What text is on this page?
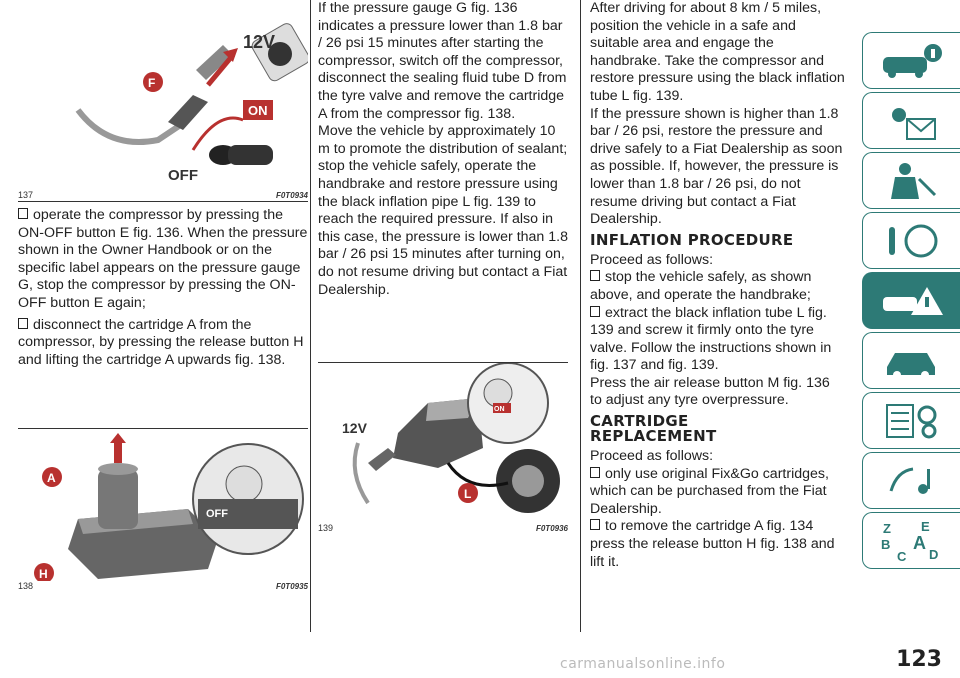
12V
F
ON
OFF
137	F0T0934

operate the compressor by pressing the ON-OFF button E fig. 136. When the pressure shown in the Owner Handbook or on the specific label appears on the pressure gauge G, stop the compressor by pressing the ON-OFF button E again;

disconnect the cartridge A from the compressor, by pressing the release button H and lifting the cartridge A upwards fig. 138.

A
H
OFF
138	F0T0935

If the pressure gauge G fig. 136 indicates a pressure lower than 1.8 bar / 26 psi 15 minutes after starting the compressor, switch off the compressor, disconnect the sealing fluid tube D from the tyre valve and remove the cartridge A from the compressor fig. 138.

Move the vehicle by approximately 10 m to promote the distribution of sealant; stop the vehicle safely, operate the handbrake and restore pressure using the black inflation pipe L fig. 139 to reach the required pressure. If also in this case, the pressure is lower than 1.8 bar / 26 psi 15 minutes after turning on, do not resume driving but contact a Fiat Dealership.

ON
12V
L
139	F0T0936

After driving for about 8 km / 5 miles, position the vehicle in a safe and suitable area and engage the handbrake. Take the compressor and restore pressure using the black inflation tube L fig. 139.

If the pressure shown is higher than 1.8 bar / 26 psi, restore the pressure and drive safely to a Fiat Dealership as soon as possible. If, however, the pressure is lower than 1.8 bar / 26 psi, do not resume driving but contact a Fiat Dealership.

INFLATION PROCEDURE

Proceed as follows:

stop the vehicle safely, as shown above, and operate the handbrake;

extract the black inflation tube L fig. 139 and screw it firmly onto the tyre valve. Follow the instructions shown in fig. 137 and fig. 139.

Press the air release button M fig. 136 to adjust any tyre overpressure.

CARTRIDGE
REPLACEMENT

Proceed as follows:

only use original Fix&Go cartridges, which can be purchased from the Fiat Dealership.

to remove the cartridge A fig. 134 press the release button H fig. 138 and lift it.

Z E
B A
C D
carmanualsonline.info	123
